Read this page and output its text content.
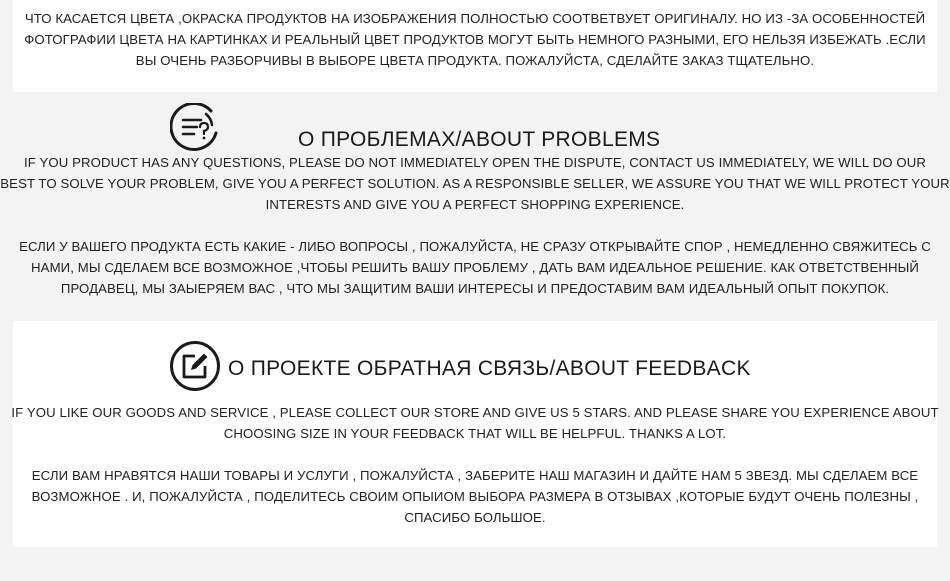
ЧТО КАСАЕТСЯ ЦВЕТА ,ОКРАСКА ПРОДУКТОВ НА ИЗОБРАЖЕНИЯ ПОЛНОСТЬЮ СООТВЕТВУЕТ ОРИГИНАЛУ. НО ИЗ -ЗА ОСОБЕННОСТЕЙ
ФОТОГРАФИИ ЦВЕТА НА КАРТИНКАХ И РЕАЛЬНЫЙ ЦВЕТ ПРОДУКТОВ МОГУТ БЫТЬ НЕМНОГО РАЗНЫМИ, ЕГО НЕЛЬЗЯ ИЗБЕЖАТЬ .ЕСЛИ
ВЫ ОЧЕНЬ РАЗБОРЧИВЫ В ВЫБОРЕ ЦВЕТА ПРОДУКТА. ПОЖАЛУЙСТА, СДЕЛАЙТЕ ЗАКАЗ ТЩАТЕЛЬНО.
О ПРОБЛЕМАХ/ABOUT PROBLEMS
IF YOU PRODUCT HAS ANY QUESTIONS, PLEASE DO NOT IMMEDIATELY OPEN THE DISPUTE, CONTACT US IMMEDIATELY, WE WILL DO OUR
BEST TO SOLVE YOUR PROBLEM, GIVE YOU A PERFECT SOLUTION. AS A RESPONSIBLE SELLER, WE ASSURE YOU THAT WE WILL PROTECT YOUR
INTERESTS AND GIVE YOU A PERFECT SHOPPING EXPERIENCE.
ЕСЛИ У ВАШЕГО ПРОДУКТА ЕСТЬ КАКИЕ - ЛИБО ВОПРОСЫ , ПОЖАЛУЙСТА, НЕ СРАЗУ ОТКРЫВАЙТЕ СПОР , НЕМЕДЛЕННО СВЯЖИТЕСЬ С
НАМИ, МЫ СДЕЛАЕМ ВСЕ ВОЗМОЖНОЕ ,ЧТОБЫ РЕШИТЬ ВАШУ ПРОБЛЕМУ , ДАТЬ ВАМ ИДЕАЛЬНОЕ РЕШЕНИЕ. КАК ОТВЕТСТВЕННЫЙ
ПРОДАВЕЦ, МЫ ЗАЫЕРЯЕМ ВАС , ЧТО МЫ ЗАЩИТИМ ВАШИ ИНТЕРЕСЫ И ПРЕДОСТАВИМ ВАМ ИДЕАЛЬНЫЙ ОПЫТ ПОКУПОК.
О ПРОЕКТЕ ОБРАТНАЯ СВЯЗЬ/ABOUT FEEDBACK
IF YOU LIKE OUR GOODS AND SERVICE , PLEASE COLLECT OUR STORE AND GIVE US 5 STARS. AND PLEASE SHARE YOU EXPERIENCE ABOUT
CHOOSING SIZE IN YOUR FEEDBACK THAT WILL BE HELPFUL. THANKS A LOT.
ЕСЛИ ВАМ НРАВЯТСЯ НАШИ ТОВАРЫ И УСЛУГИ , ПОЖАЛУЙСТА , ЗАБЕРИТЕ НАШ МАГАЗИН И ДАЙТЕ НАМ 5 ЗВЕЗД. МЫ СДЕЛАЕМ ВСЕ
ВОЗМОЖНОЕ . И, ПОЖАЛУЙСТА , ПОДЕЛИТЕСЬ СВОИМ ОПЫИОМ ВЫБОРА РАЗМЕРА В ОТЗЫВАХ ,КОТОРЫЕ БУДУТ ОЧЕНЬ ПОЛЕЗНЫ ,
СПАСИБО БОЛЬШОЕ.
